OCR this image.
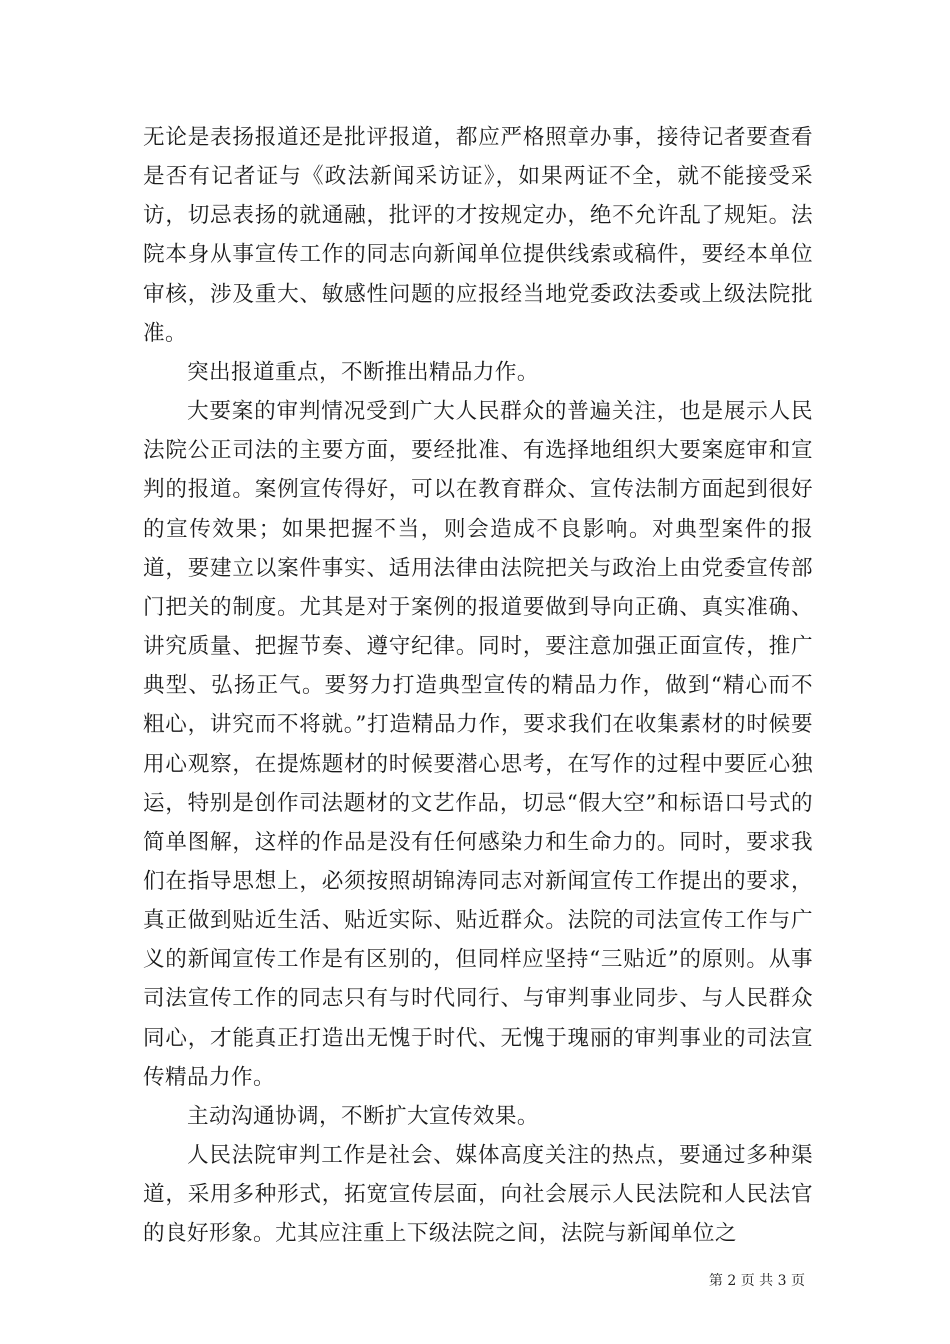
无论是表扬报道还是批评报道，都应严格照章办事，接待记者要查看是否有记者证与《政法新闻采访证》，如果两证不全，就不能接受采访，切忌表扬的就通融，批评的才按规定办，绝不允许乱了规矩。法院本身从事宣传工作的同志向新闻单位提供线索或稿件，要经本单位审核，涉及重大、敏感性问题的应报经当地党委政法委或上级法院批准。

突出报道重点，不断推出精品力作。

大要案的审判情况受到广大人民群众的普遍关注，也是展示人民法院公正司法的主要方面，要经批准、有选择地组织大要案庭审和宣判的报道。案例宣传得好，可以在教育群众、宣传法制方面起到很好的宣传效果；如果把握不当，则会造成不良影响。对典型案件的报道，要建立以案件事实、适用法律由法院把关与政治上由党委宣传部门把关的制度。尤其是对于案例的报道要做到导向正确、真实准确、讲究质量、把握节奏、遵守纪律。同时，要注意加强正面宣传，推广典型、弘扬正气。要努力打造典型宣传的精品力作，做到“精心而不粗心，讲究而不将就。”打造精品力作，要求我们在收集素材的时候要用心观察，在提炼题材的时候要潜心思考，在写作的过程中要匠心独运，特别是创作司法题材的文艺作品，切忌“假大空”和标语口号式的简单图解，这样的作品是没有任何感染力和生命力的。同时，要求我们在指导思想上，必须按照胡锦涛同志对新闻宣传工作提出的要求，真正做到贴近生活、贴近实际、贴近群众。法院的司法宣传工作与广义的新闻宣传工作是有区别的，但同样应坚持“三贴近”的原则。从事司法宣传工作的同志只有与时代同行、与审判事业同步、与人民群众同心，才能真正打造出无愧于时代、无愧于瑰丽的审判事业的司法宣传精品力作。

主动沟通协调，不断扩大宣传效果。

人民法院审判工作是社会、媒体高度关注的热点，要通过多种渠道，采用多种形式，拓宽宣传层面，向社会展示人民法院和人民法官的良好形象。尤其应注重上下级法院之间，法院与新闻单位之

第 2 页 共 3 页
